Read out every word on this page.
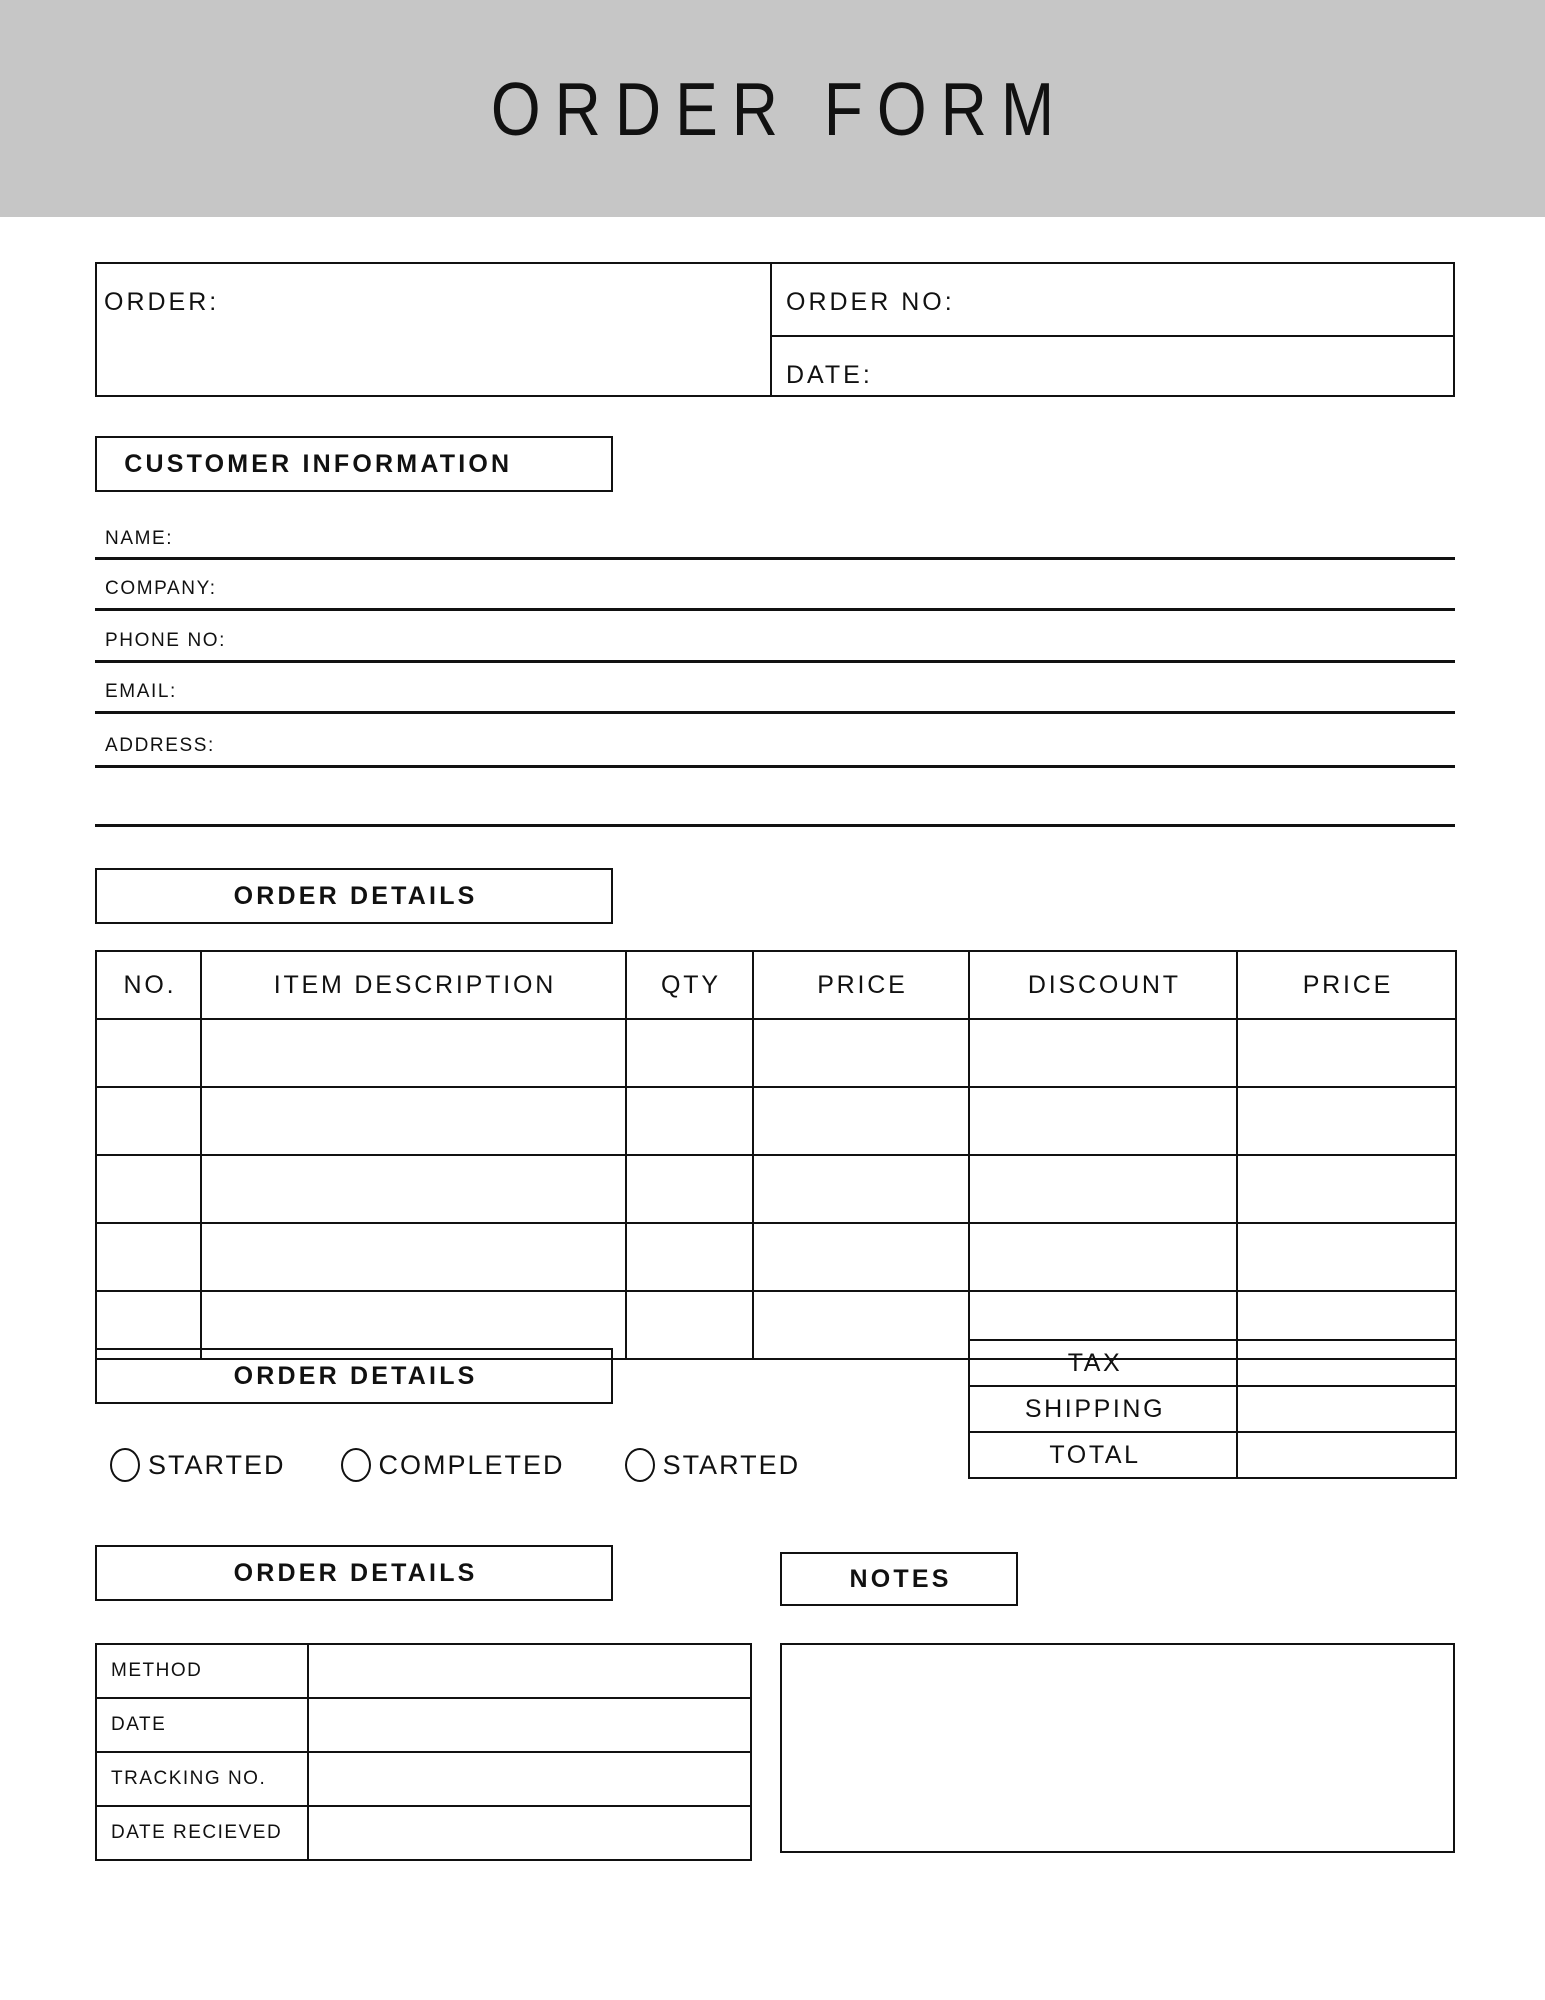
ORDER FORM
ORDER:	ORDER NO:
DATE:
CUSTOMER INFORMATION
NAME:
COMPANY:
PHONE NO:
EMAIL:
ADDRESS:
ORDER DETAILS
NO.	ITEM DESCRIPTION	QTY	PRICE	DISCOUNT	PRICE

ORDER DETAILS
STARTED	COMPLETED	STARTED
TAX	
SHIPPING	
TOTAL	
ORDER DETAILS
METHOD	
DATE	
TRACKING NO.	
DATE RECIEVED	
NOTES
